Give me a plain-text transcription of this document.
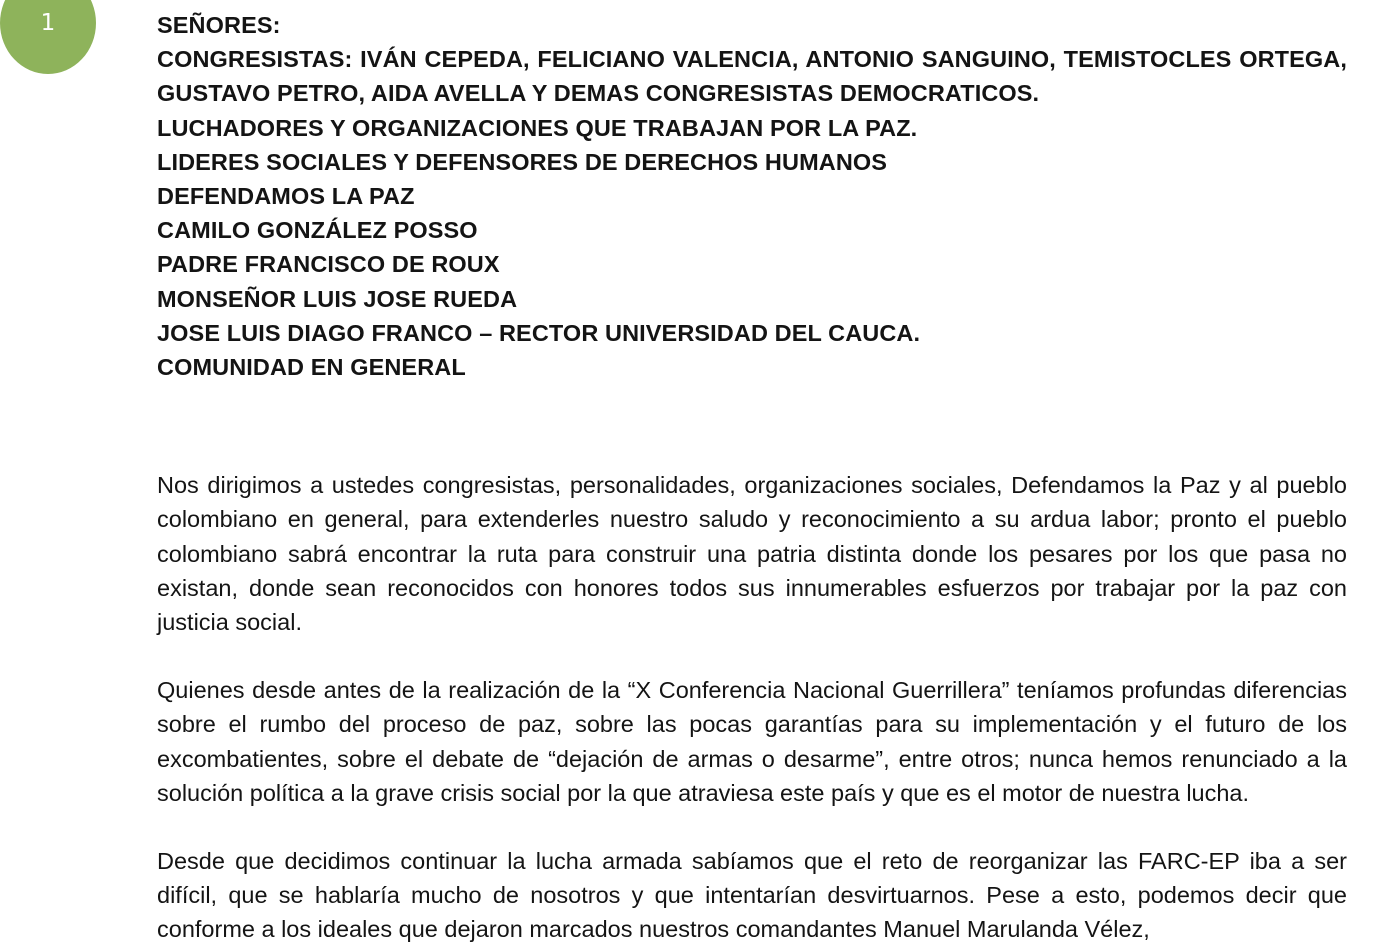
1	SEÑORES:
CONGRESISTAS: IVÁN CEPEDA, FELICIANO VALENCIA, ANTONIO SANGUINO, TEMISTOCLES ORTEGA,
GUSTAVO PETRO, AIDA AVELLA Y DEMAS CONGRESISTAS DEMOCRATICOS.
LUCHADORES Y ORGANIZACIONES QUE TRABAJAN POR LA PAZ.
LIDERES SOCIALES Y DEFENSORES DE DERECHOS HUMANOS
DEFENDAMOS LA PAZ
CAMILO GONZÁLEZ POSSO
PADRE FRANCISCO DE ROUX
MONSEÑOR LUIS JOSE RUEDA
JOSE LUIS DIAGO FRANCO – RECTOR UNIVERSIDAD DEL CAUCA.
COMUNIDAD EN GENERAL

Nos dirigimos a ustedes congresistas, personalidades, organizaciones sociales, Defendamos la Paz y al pueblo colombiano en general, para extenderles nuestro saludo y reconocimiento a su ardua labor; pronto el pueblo colombiano sabrá encontrar la ruta para construir una patria distinta donde los pesares por los que pasa no existan, donde sean reconocidos con honores todos sus innumerables esfuerzos por trabajar por la paz con justicia social.

Quienes desde antes de la realización de la “X Conferencia Nacional Guerrillera” teníamos profundas diferencias sobre el rumbo del proceso de paz, sobre las pocas garantías para su implementación y el futuro de los excombatientes, sobre el debate de “dejación de armas o desarme”, entre otros; nunca hemos renunciado a la solución política a la grave crisis social por la que atraviesa este país y que es el motor de nuestra lucha.

Desde que decidimos continuar la lucha armada sabíamos que el reto de reorganizar las FARC-EP iba a ser difícil, que se hablaría mucho de nosotros y que intentarían desvirtuarnos. Pese a esto, podemos decir que conforme a los ideales que dejaron marcados nuestros comandantes Manuel Marulanda Vélez,
